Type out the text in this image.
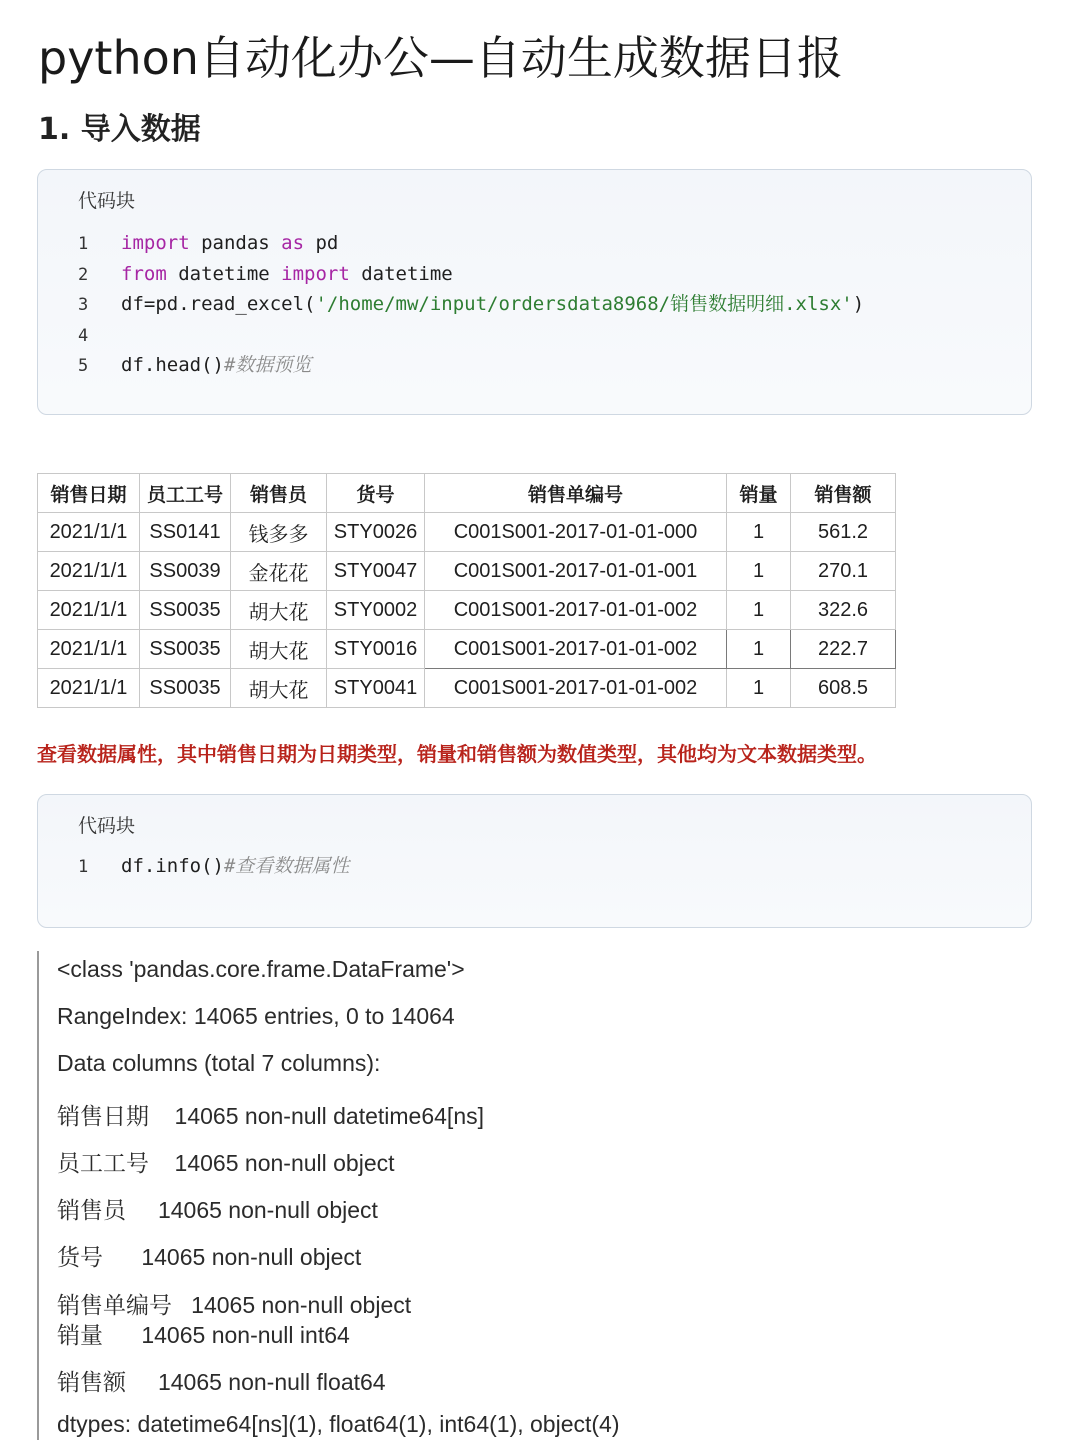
python自动化办公—自动生成数据日报
1. 导入数据
代码块
1 import pandas as pd
2 from datetime import datetime
3 df=pd.read_excel('/home/mw/input/ordersdata8968/销售数据明细.xlsx')
4
5 df.head()#数据预览
销售日期	员工工号	销售员	货号	销售单编号	销量	销售额
2021/1/1	SS0141	钱多多	STY0026	C001S001-2017-01-01-000	1	561.2
2021/1/1	SS0039	金花花	STY0047	C001S001-2017-01-01-001	1	270.1
2021/1/1	SS0035	胡大花	STY0002	C001S001-2017-01-01-002	1	322.6
2021/1/1	SS0035	胡大花	STY0016	C001S001-2017-01-01-002	1	222.7
2021/1/1	SS0035	胡大花	STY0041	C001S001-2017-01-01-002	1	608.5
查看数据属性，其中销售日期为日期类型，销量和销售额为数值类型，其他均为文本数据类型。
代码块
1 df.info()#查看数据属性
<class 'pandas.core.frame.DataFrame'>
RangeIndex: 14065 entries, 0 to 14064
Data columns (total 7 columns):
销售日期    14065 non-null datetime64[ns]
员工工号    14065 non-null object
销售员     14065 non-null object
货号      14065 non-null object
销售单编号   14065 non-null object
销量      14065 non-null int64
销售额     14065 non-null float64
dtypes: datetime64[ns](1), float64(1), int64(1), object(4)
